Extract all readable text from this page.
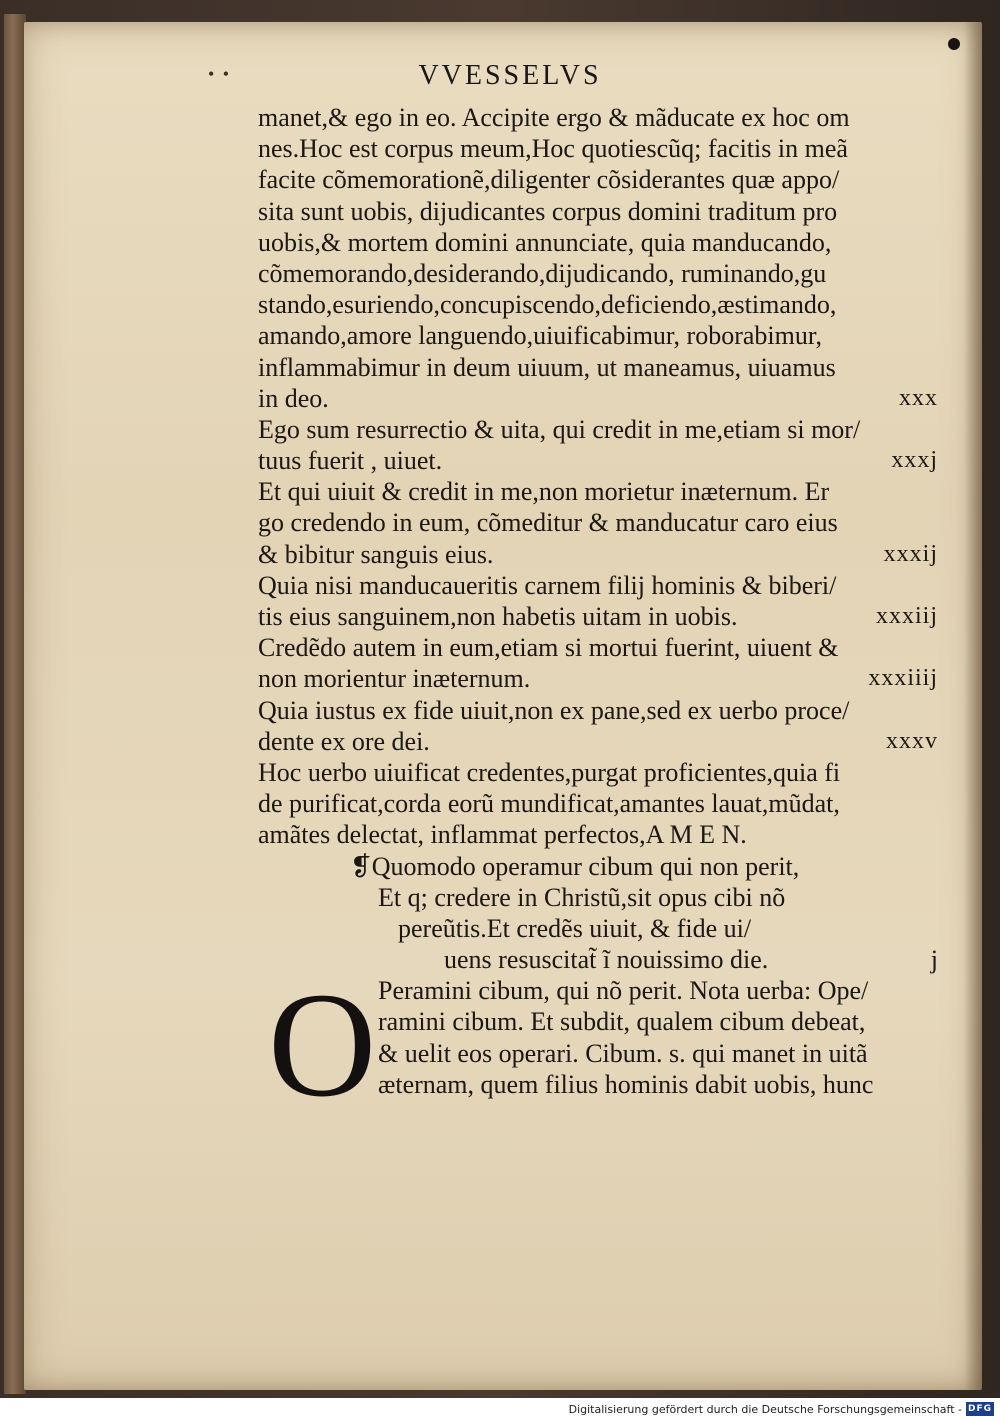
• •	VVESSELVS
manet,& ego in eo. Accipite ergo & mãducate ex hoc om
nes.Hoc est corpus meum,Hoc quotiescũq; facitis in meã
facite cõmemorationẽ,diligenter cõsiderantes quæ appo/
sita sunt uobis, dijudicantes corpus domini traditum pro
uobis,& mortem domini annunciate, quia manducando,
cõmemorando,desiderando,dijudicando, ruminando,gu
stando,esuriendo,concupiscendo,deficiendo,æstimando,
amando,amore languendo,uiuificabimur, roborabimur,
inflammabimur in deum uiuum, ut maneamus, uiuamus
in deo.	xxx
Ego sum resurrectio & uita, qui credit in me,etiam si mor/
tuus fuerit , uiuet.	xxxj
Et qui uiuit & credit in me,non morietur inæternum. Er
go credendo in eum, cõmeditur & manducatur caro eius
& bibitur sanguis eius.	xxxij
Quia nisi manducaueritis carnem filij hominis & biberi/
tis eius sanguinem,non habetis uitam in uobis.	xxxiij
Credẽdo autem in eum,etiam si mortui fuerint, uiuent &
non morientur inæternum.	xxxiiij
Quia iustus ex fide uiuit,non ex pane,sed ex uerbo proce/
dente ex ore dei.	xxxv
Hoc uerbo uiuificat credentes,purgat proficientes,quia fi
de purificat,corda eorũ mundificat,amantes lauat,mũdat,
amãtes delectat, inflammat perfectos,A M E N.
❡Quomodo operamur cibum qui non perit,
Et q; credere in Christũ,sit opus cibi nõ
pereũtis.Et credẽs uiuit, & fide ui/
uens resuscitat̃ ĩ nouissimo die.	j
Peramini cibum, qui nõ perit. Nota uerba: Ope/
ramini cibum. Et subdit, qualem cibum debeat,
& uelit eos operari. Cibum. s. qui manet in uitã
æternam, quem filius hominis dabit uobis, hunc
O
Digitalisierung gefördert durch die Deutsche Forschungsgemeinschaft - DFG
